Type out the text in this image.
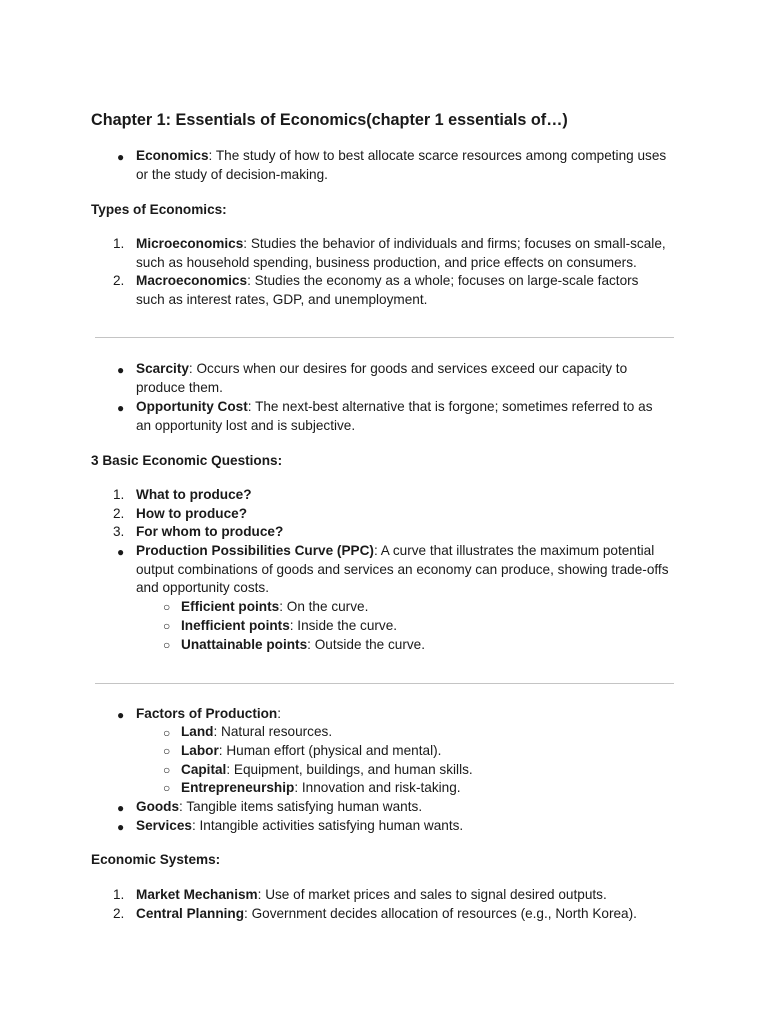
Chapter 1: Essentials of Economics(chapter 1 essentials of…)
● Economics: The study of how to best allocate scarce resources among competing uses
or the study of decision-making.
Types of Economics:
1. Microeconomics: Studies the behavior of individuals and firms; focuses on small-scale,
such as household spending, business production, and price effects on consumers.
2. Macroeconomics: Studies the economy as a whole; focuses on large-scale factors
such as interest rates, GDP, and unemployment.
● Scarcity: Occurs when our desires for goods and services exceed our capacity to
produce them.
● Opportunity Cost: The next-best alternative that is forgone; sometimes referred to as
an opportunity lost and is subjective.
3 Basic Economic Questions:
1. What to produce?
2. How to produce?
3. For whom to produce?
● Production Possibilities Curve (PPC): A curve that illustrates the maximum potential
output combinations of goods and services an economy can produce, showing trade-offs
and opportunity costs.
○ Efficient points: On the curve.
○ Inefficient points: Inside the curve.
○ Unattainable points: Outside the curve.
● Factors of Production:
○ Land: Natural resources.
○ Labor: Human effort (physical and mental).
○ Capital: Equipment, buildings, and human skills.
○ Entrepreneurship: Innovation and risk-taking.
● Goods: Tangible items satisfying human wants.
● Services: Intangible activities satisfying human wants.
Economic Systems:
1. Market Mechanism: Use of market prices and sales to signal desired outputs.
2. Central Planning: Government decides allocation of resources (e.g., North Korea).
